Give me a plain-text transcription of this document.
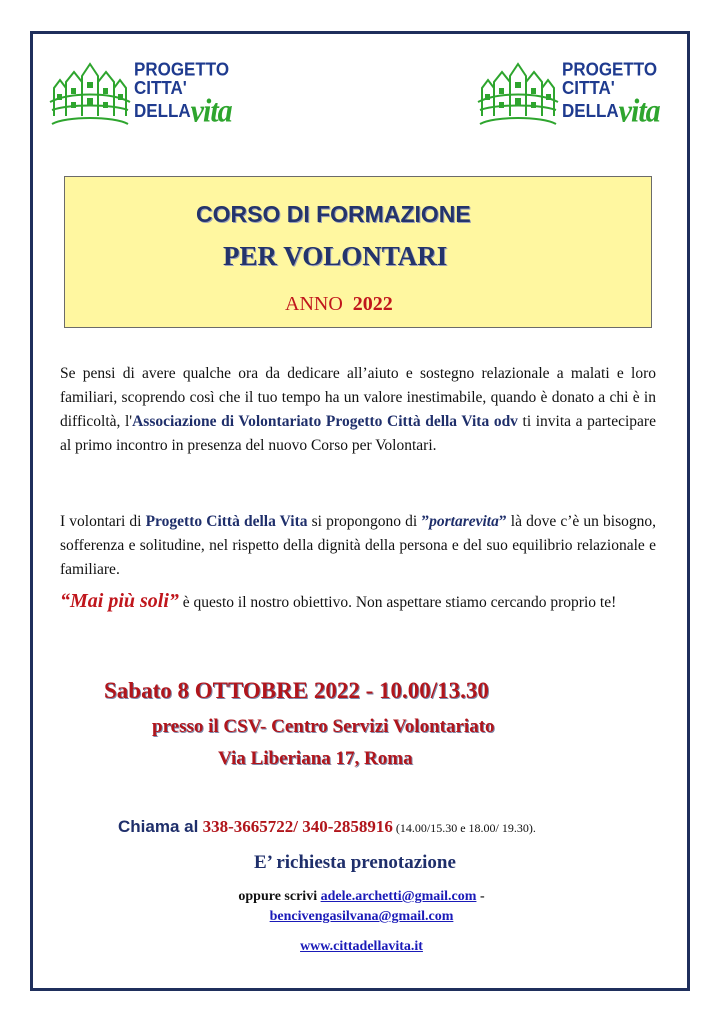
PROGETTO
CITTA'
DELLAvita
PROGETTO
CITTA'
DELLAvita
CORSO DI FORMAZIONE
PER VOLONTARI
ANNO 2022

Se pensi di avere qualche ora da dedicare all’aiuto e sostegno relazionale a malati e loro familiari, scoprendo così che il tuo tempo ha un valore inestimabile, quando è donato a chi è in difficoltà, l'Associazione di Volontariato Progetto Città della Vita odv ti invita a partecipare al primo incontro in presenza del nuovo Corso per Volontari.

I volontari di Progetto Città della Vita si propongono di ”portarevita” là dove c’è un bisogno, sofferenza e solitudine, nel rispetto della dignità della persona e del suo equilibrio relazionale e familiare.

“Mai più soli” è questo il nostro obiettivo. Non aspettare stiamo cercando proprio te!

Sabato 8 OTTOBRE 2022 - 10.00/13.30
presso il CSV- Centro Servizi Volontariato
Via Liberiana 17, Roma
Chiama al 338-3665722/ 340-2858916 (14.00/15.30 e 18.00/ 19.30).
E’ richiesta prenotazione
oppure scrivi adele.archetti@gmail.com -
bencivengasilvana@gmail.com
www.cittadellavita.it
